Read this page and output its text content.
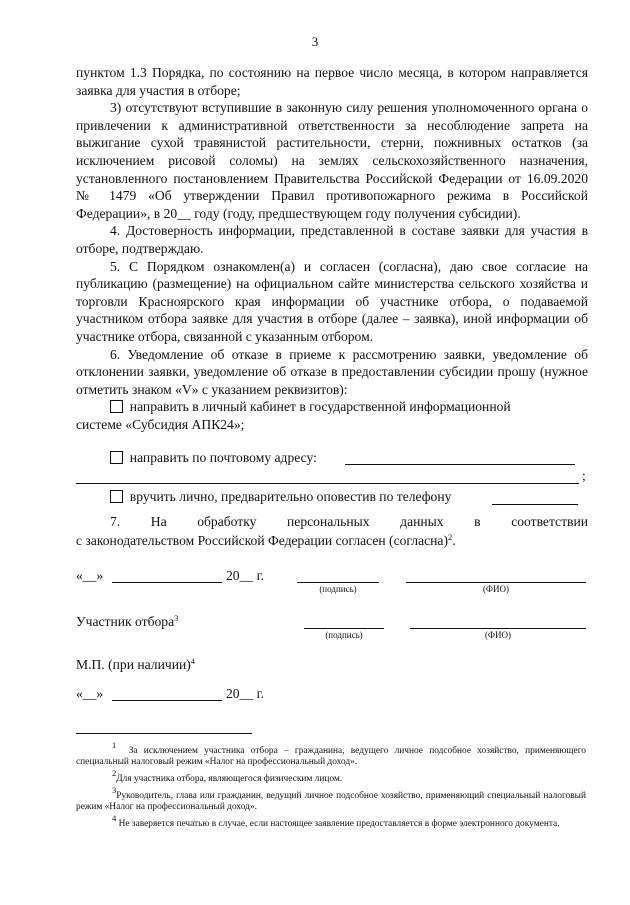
3

пунктом 1.3 Порядка, по состоянию на первое число месяца, в котором направляется заявка для участия в отборе;

3) отсутствуют вступившие в законную силу решения уполномоченного органа о привлечении к административной ответственности за несоблюдение запрета на выжигание сухой травянистой растительности, стерни, пожнивных остатков (за исключением рисовой соломы) на землях сельскохозяйственного назначения, установленного постановлением Правительства Российской Федерации от 16.09.2020 № 1479 «Об утверждении Правил противопожарного режима в Российской Федерации», в 20__ году (году, предшествующем году получения субсидии).

4. Достоверность информации, представленной в составе заявки для участия в отборе, подтверждаю.

5. С Порядком ознакомлен(а) и согласен (согласна), даю свое согласие на публикацию (размещение) на официальном сайте министерства сельского хозяйства и торговли Красноярского края информации об участнике отбора, о подаваемой участником отбора заявке для участия в отборе (далее – заявка), иной информации об участнике отбора, связанной с указанным отбором.

6. Уведомление об отказе в приеме к рассмотрению заявки, уведомление об отклонении заявки, уведомление об отказе в предоставлении субсидии прошу (нужное отметить знаком «V» с указанием реквизитов):

направить в личный кабинет в государственной информационной

системе «Субсидия АПК24»;

направить по почтовому адресу:
;
вручить лично, предварительно оповестив по телефону
7. На обработку персональных данных в соответствии
с законодательством Российской Федерации согласен (согласна)$^2$.
«__»	20__ г.
(подпись)	(ФИО)
Участник отбора$^3$
(подпись)	(ФИО)
М.П. (при наличии)$^4$
«__»	20__ г.

1  За исключением участника отбора – гражданина, ведущего личное подсобное хозяйство, применяющего специальный налоговый режим «Налог на профессиональный доход».

2Для участника отбора, являющегося физическим лицом.

3Руководитель, глава или гражданин, ведущий личное подсобное хозяйство, применяющий специальный налоговый режим «Налог на профессиональный доход».

4 Не заверяется печатью в случае, если настоящее заявление предоставляется в форме электронного документа.
